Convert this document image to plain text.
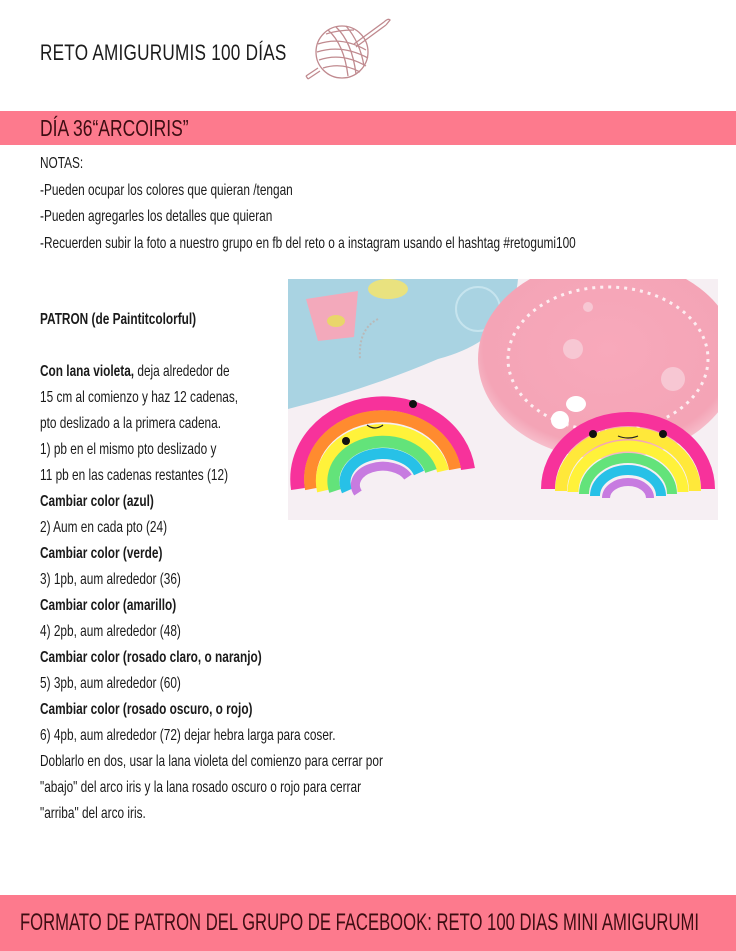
RETO AMIGURUMIS 100 DÍAS
DÍA 36“ARCOIRIS”
NOTAS:
-Pueden ocupar los colores que quieran /tengan
-Pueden agregarles los detalles que quieran
-Recuerden subir la foto a nuestro grupo en fb del reto o a instagram usando el hashtag #retogumi100
PATRON (de Paintitcolorful)
Con lana violeta, deja alrededor de
15 cm al comienzo y haz 12 cadenas,
pto deslizado a la primera cadena.
1) pb en el mismo pto deslizado y
11 pb en las cadenas restantes (12)
Cambiar color (azul)
2) Aum en cada pto (24)
Cambiar color (verde)
3) 1pb, aum alrededor (36)
Cambiar color (amarillo)
4) 2pb, aum alrededor (48)
Cambiar color (rosado claro, o naranjo)
5) 3pb, aum alrededor (60)
Cambiar color (rosado oscuro, o rojo)
6) 4pb, aum alrededor (72) dejar hebra larga para coser.
Doblarlo en dos, usar la lana violeta del comienzo para cerrar por
"abajo" del arco iris y la lana rosado oscuro o rojo para cerrar
"arriba" del arco iris.
FORMATO DE PATRON DEL GRUPO DE FACEBOOK: RETO 100 DIAS MINI AMIGURUMI
